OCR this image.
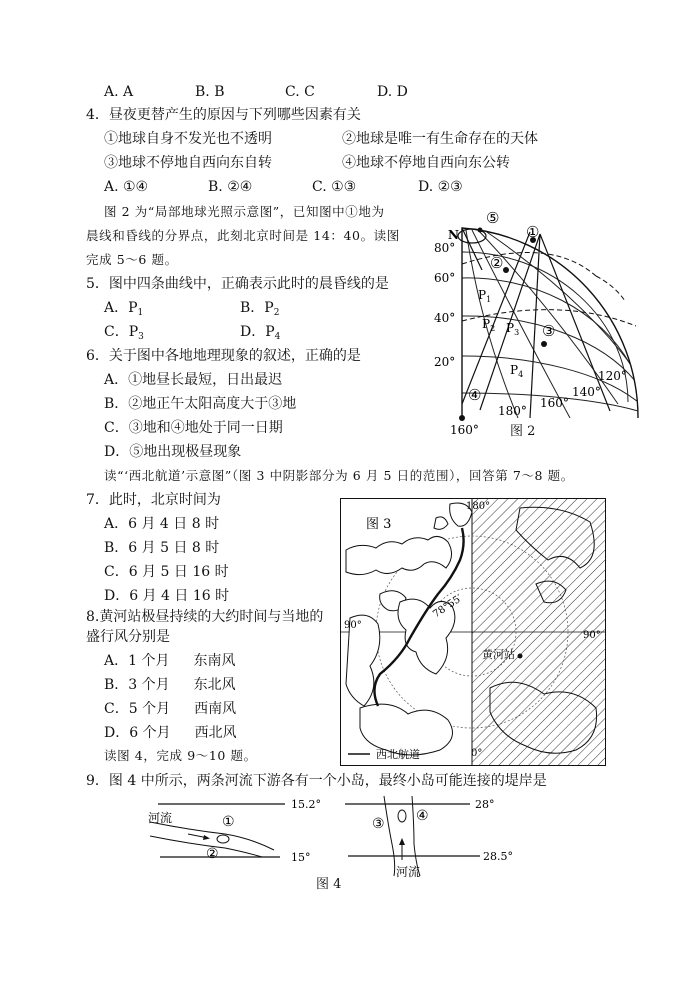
A. A	B. B	C. C	D. D
4．昼夜更替产生的原因与下列哪些因素有关
①地球自身不发光也不透明	②地球是唯一有生命存在的天体
③地球不停地自西向东自转	④地球不停地自西向东公转
A. ①④	B. ②④	C. ①③	D. ②③
图 2 为“局部地球光照示意图”，已知图中①地为
晨线和昏线的分界点，此刻北京时间是 14：40。读图
完成 5～6 题。
5．图中四条曲线中，正确表示此时的晨昏线的是
A．$P_1$	B．$P_2$
C．$P_3$	D．$P_4$
6．关于图中各地地理现象的叙述，正确的是
A．①地昼长最短，日出最迟
B．②地正午太阳高度大于③地
C．③地和④地处于同一日期
D．⑤地出现极昼现象
读“‘西北航道’示意图”（图 3 中阴影部分为 6 月 5 日的范围），回答第 7～8 题。
7．此时，北京时间为
A．6 月 4 日 8 时
B．6 月 5 日 8 时
C．6 月 5 日 16 时
D．6 月 4 日 16 时
8.黄河站极昼持续的大约时间与当地的
盛行风分别是
A．1 个月 东南风
B．3 个月 东北风
C．5 个月 西南风
D．6 个月 西北风
读图 4，完成 9～10 题。
9．图 4 中所示，两条河流下游各有一个小岛，最终小岛可能连接的堤岸是
N
80°
60°
40°
20°
⑤
①
②
③
④
$P_1$
$P_2$ $P_3$
$P_4$
160°
180°
160°
140°
120°
图 2
图 3
180°
90°
90°
0°
78°55′
黄河站
西北航道
15.2°
15°
河流	①
②
28°
28.5°
③ ④
河流
图 4
